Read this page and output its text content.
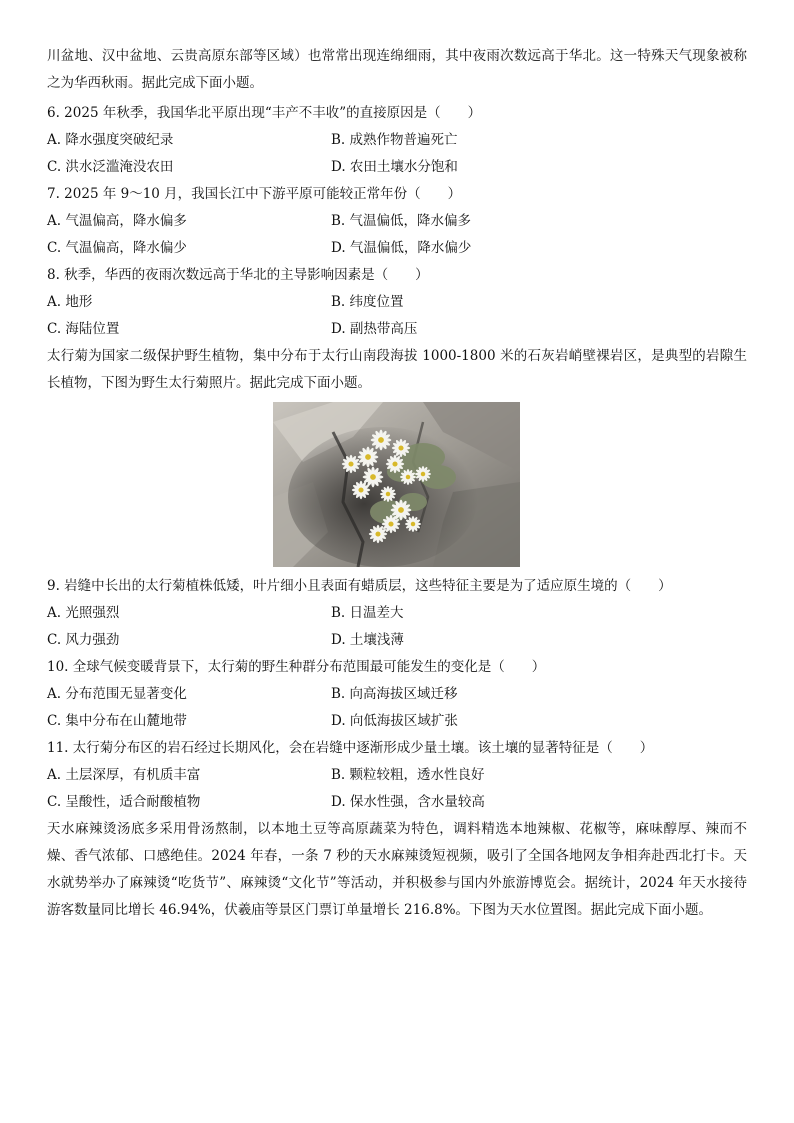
川盆地、汉中盆地、云贵高原东部等区域）也常常出现连绵细雨，其中夜雨次数远高于华北。这一特殊天气现象被称之为华西秋雨。据此完成下面小题。
6. 2025 年秋季，我国华北平原出现“丰产不丰收”的直接原因是（　　）
A. 降水强度突破纪录	B. 成熟作物普遍死亡
C. 洪水泛滥淹没农田	D. 农田土壤水分饱和
7. 2025 年 9～10 月，我国长江中下游平原可能较正常年份（　　）
A. 气温偏高，降水偏多	B. 气温偏低，降水偏多
C. 气温偏高，降水偏少	D. 气温偏低，降水偏少
8. 秋季，华西的夜雨次数远高于华北的主导影响因素是（　　）
A. 地形	B. 纬度位置
C. 海陆位置	D. 副热带高压
太行菊为国家二级保护野生植物，集中分布于太行山南段海拔 1000-1800 米的石灰岩峭壁裸岩区，是典型的岩隙生长植物，下图为野生太行菊照片。据此完成下面小题。
9. 岩缝中长出的太行菊植株低矮，叶片细小且表面有蜡质层，这些特征主要是为了适应原生境的（　　）
A. 光照强烈	B. 日温差大
C. 风力强劲	D. 土壤浅薄
10. 全球气候变暖背景下，太行菊的野生种群分布范围最可能发生的变化是（　　）
A. 分布范围无显著变化	B. 向高海拔区域迁移
C. 集中分布在山麓地带	D. 向低海拔区域扩张
11. 太行菊分布区的岩石经过长期风化，会在岩缝中逐渐形成少量土壤。该土壤的显著特征是（　　）
A. 土层深厚，有机质丰富	B. 颗粒较粗，透水性良好
C. 呈酸性，适合耐酸植物	D. 保水性强，含水量较高
天水麻辣烫汤底多采用骨汤熬制，以本地土豆等高原蔬菜为特色，调料精选本地辣椒、花椒等，麻味醇厚、辣而不燥、香气浓郁、口感绝佳。2024 年春，一条 7 秒的天水麻辣烫短视频，吸引了全国各地网友争相奔赴西北打卡。天水就势举办了麻辣烫“吃货节”、麻辣烫“文化节”等活动，并积极参与国内外旅游博览会。据统计，2024 年天水接待游客数量同比增长 46.94%，伏羲庙等景区门票订单量增长 216.8%。下图为天水位置图。据此完成下面小题。
